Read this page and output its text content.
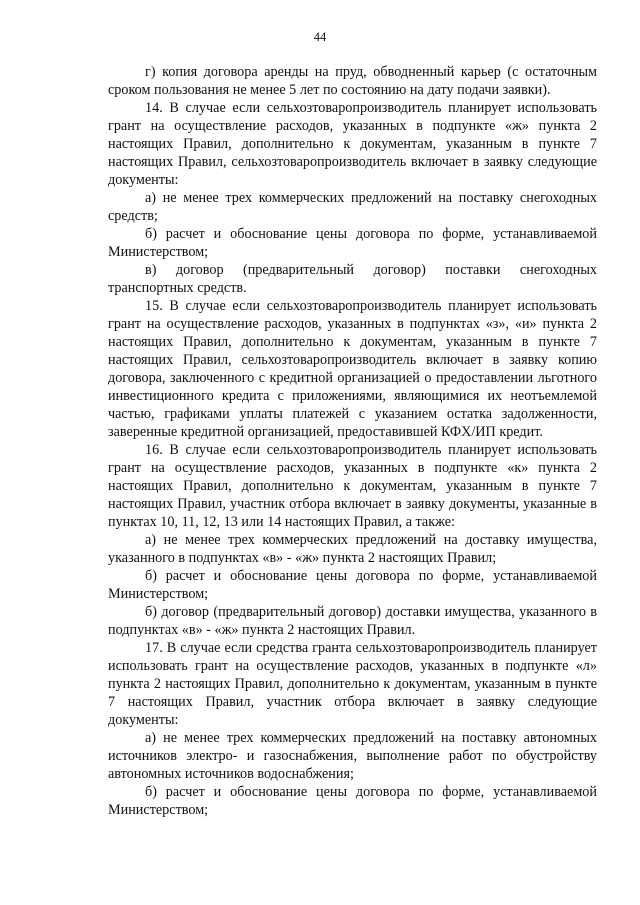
44

г) копия договора аренды на пруд, обводненный карьер (с остаточным сроком пользования не менее 5 лет по состоянию на дату подачи заявки).

14. В случае если сельхозтоваропроизводитель планирует использовать грант на осуществление расходов, указанных в подпункте «ж» пункта 2 настоящих Правил, дополнительно к документам, указанным в пункте 7 настоящих Правил, сельхозтоваропроизводитель включает в заявку следующие документы:

а) не менее трех коммерческих предложений на поставку снегоходных средств;

б) расчет и обоснование цены договора по форме, устанавливаемой Министерством;

в) договор (предварительный договор) поставки снегоходных транспортных средств.

15. В случае если сельхозтоваропроизводитель планирует использовать грант на осуществление расходов, указанных в подпунктах «з», «и» пункта 2 настоящих Правил, дополнительно к документам, указанным в пункте 7 настоящих Правил, сельхозтоваропроизводитель включает в заявку копию договора, заключенного с кредитной организацией о предоставлении льготного инвестиционного кредита с приложениями, являющимися их неотъемлемой частью, графиками уплаты платежей с указанием остатка задолженности, заверенные кредитной организацией, предоставившей КФХ/ИП кредит.

16. В случае если сельхозтоваропроизводитель планирует использовать грант на осуществление расходов, указанных в подпункте «к» пункта 2 настоящих Правил, дополнительно к документам, указанным в пункте 7 настоящих Правил, участник отбора включает в заявку документы, указанные в пунктах 10, 11, 12, 13 или 14 настоящих Правил, а также:

а) не менее трех коммерческих предложений на доставку имущества, указанного в подпунктах «в» - «ж» пункта 2 настоящих Правил;

б) расчет и обоснование цены договора по форме, устанавливаемой Министерством;

б) договор (предварительный договор) доставки имущества, указанного в подпунктах «в» - «ж» пункта 2 настоящих Правил.

17. В случае если средства гранта сельхозтоваропроизводитель планирует использовать грант на осуществление расходов, указанных в подпункте «л» пункта 2 настоящих Правил, дополнительно к документам, указанным в пункте 7 настоящих Правил, участник отбора включает в заявку следующие документы:

а) не менее трех коммерческих предложений на поставку автономных источников электро- и газоснабжения, выполнение работ по обустройству автономных источников водоснабжения;

б) расчет и обоснование цены договора по форме, устанавливаемой Министерством;
